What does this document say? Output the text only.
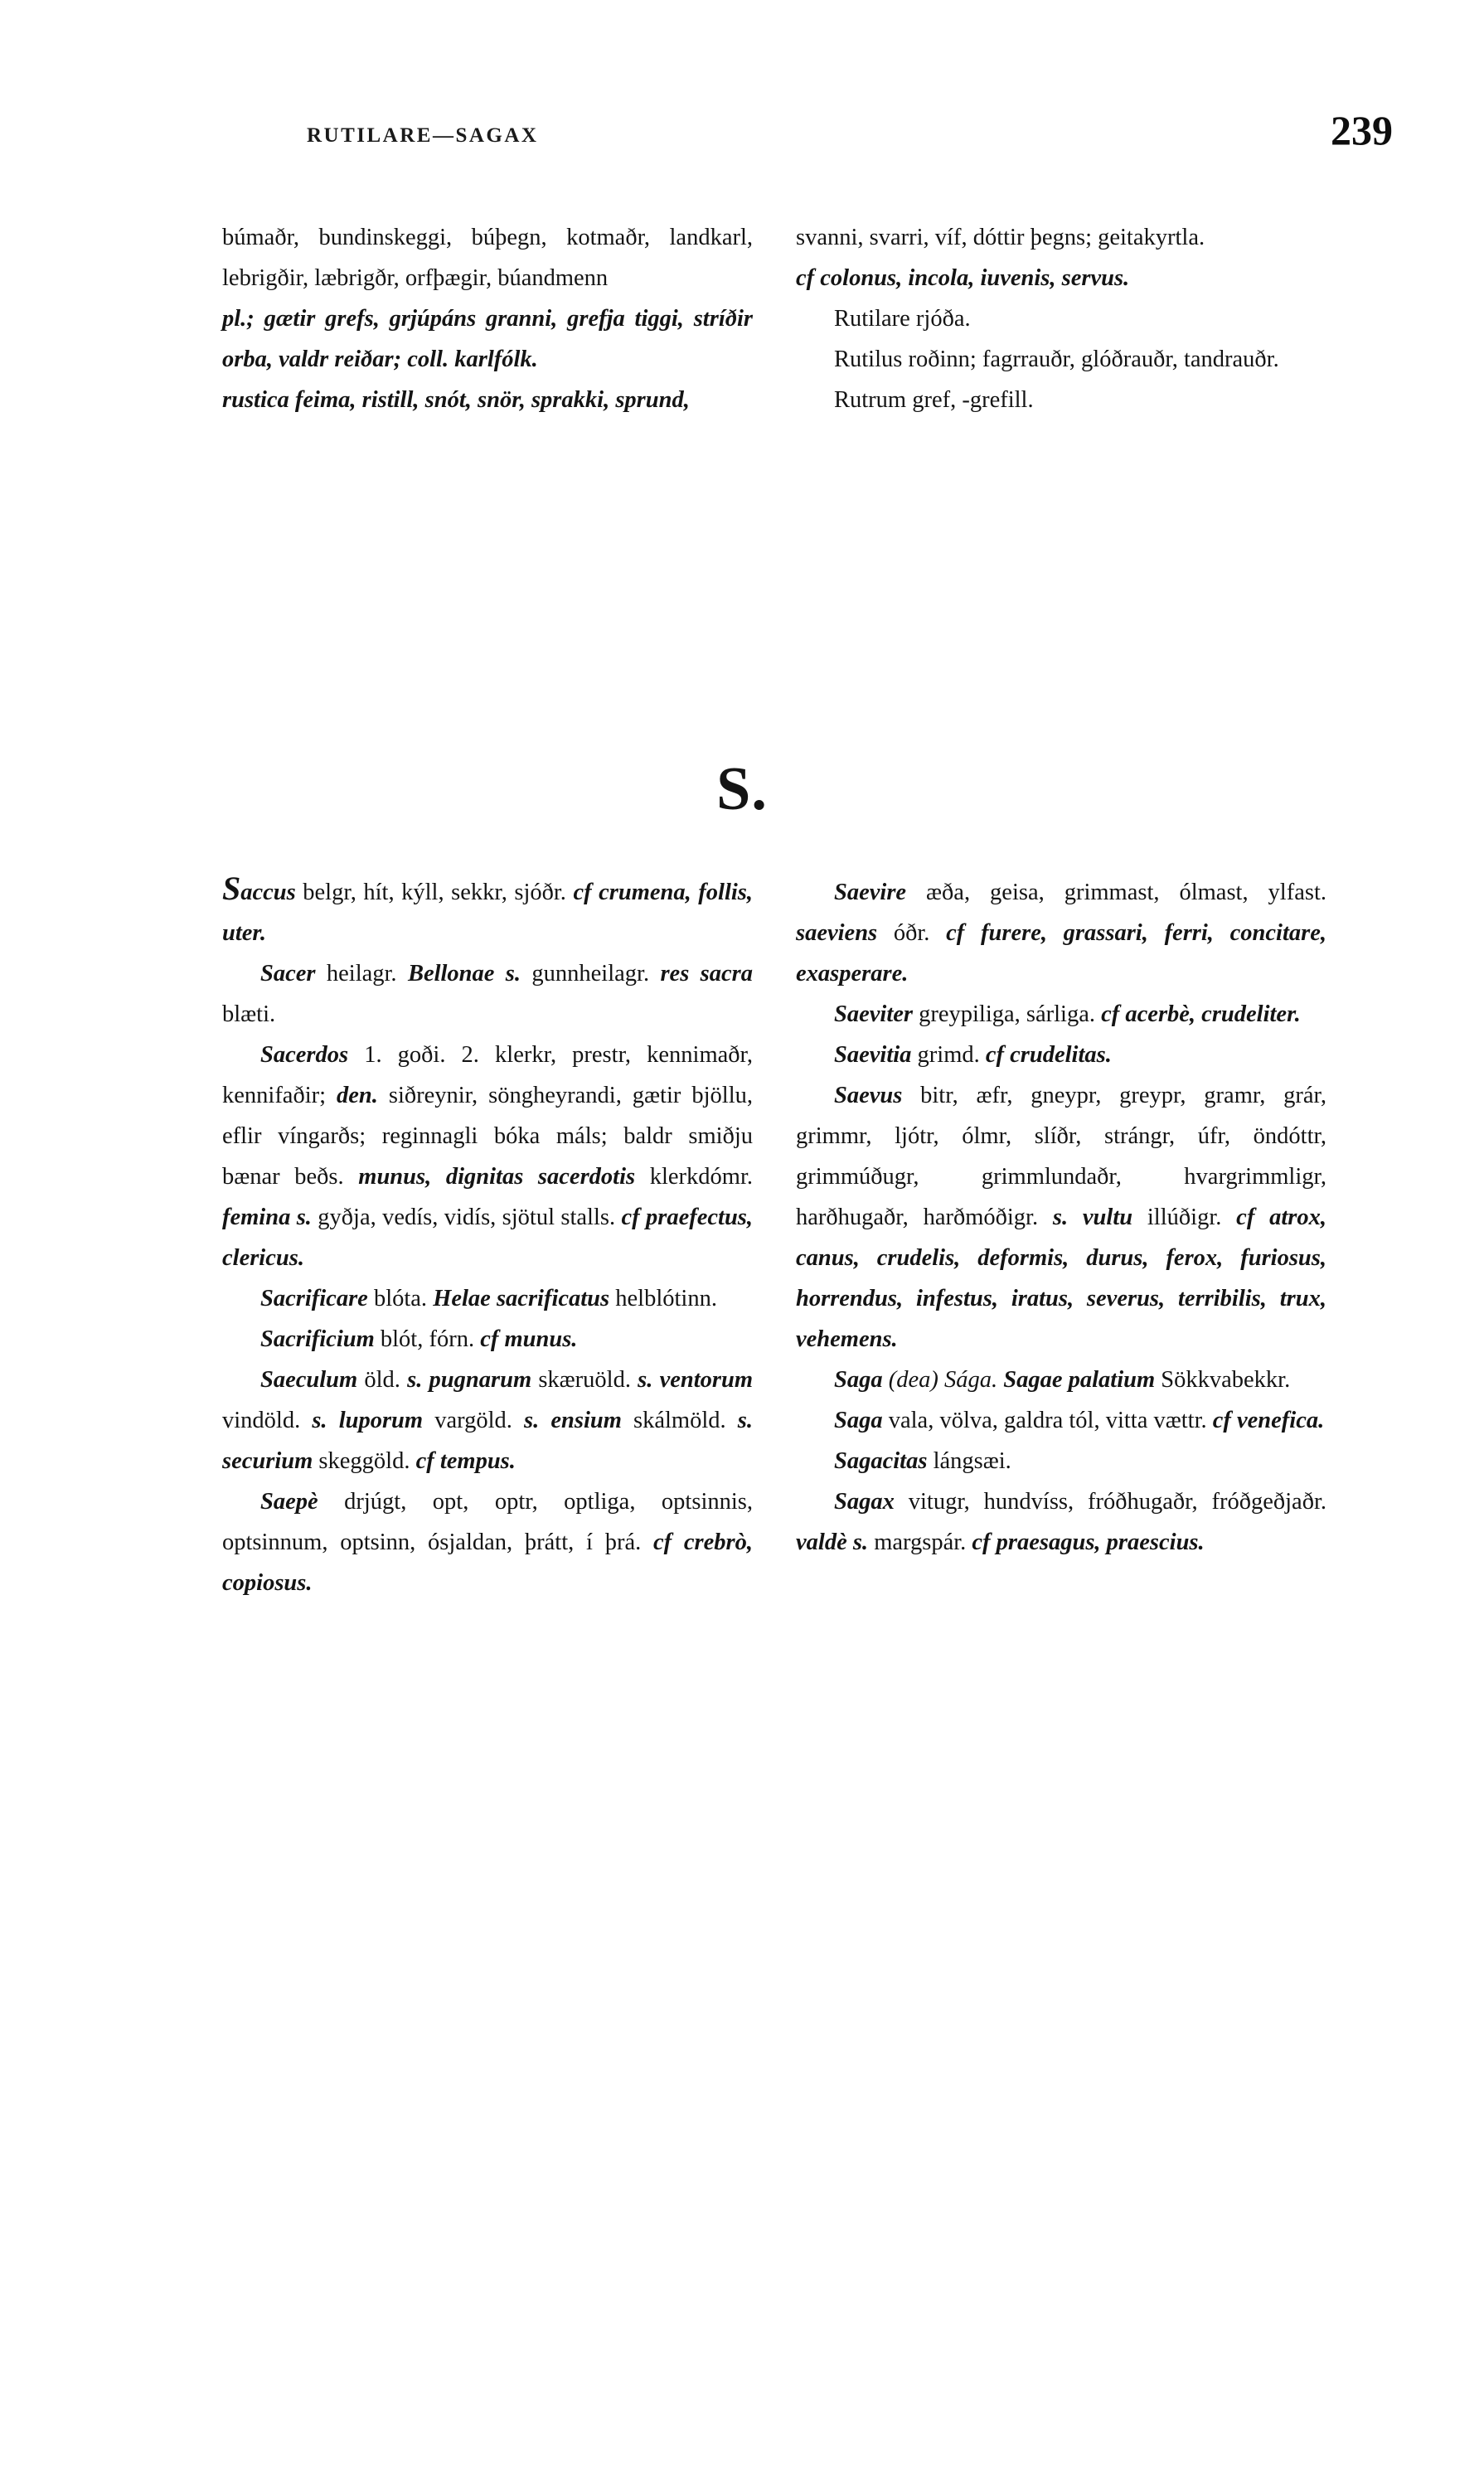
RUTILARE—SAGAX	239

búmaðr, bundinskeggi, búþegn, kotmaðr, landkarl, lebrigðir, læbrigðr, orfþægir, búandmenn

pl.; gætir grefs, grjúpáns granni, grefja tiggi, stríðir orba, valdr reiðar; coll. karlfólk.

rustica feima, ristill, snót, snör, sprakki, sprund,

svanni, svarri, víf, dóttir þegns; geitakyrtla.

cf colonus, incola, iuvenis, servus.

Rutilare rjóða.

Rutilus roðinn; fagrrauðr, glóðrauðr, tandrauðr.

Rutrum gref, -grefill.

S.

Saccus belgr, hít, kýll, sekkr, sjóðr. cf crumena, follis, uter.

Sacer heilagr. Bellonae s. gunnheilagr. res sacra blæti.

Sacerdos 1. goði. 2. klerkr, prestr, kennimaðr, kennifaðir; den. siðreynir, söngheyrandi, gætir bjöllu, eflir víngarðs; reginnagli bóka máls; baldr smiðju bænar beðs. munus, dignitas sacerdotis klerkdómr. femina s. gyðja, vedís, vidís, sjötul stalls. cf praefectus, clericus.

Sacrificare blóta. Helae sacrificatus helblótinn.

Sacrificium blót, fórn. cf munus.

Saeculum öld. s. pugnarum skæruöld. s. ventorum vindöld. s. luporum vargöld. s. ensium skálmöld. s. securium skeggöld. cf tempus.

Saepè drjúgt, opt, optr, optliga, optsinnis, optsinnum, optsinn, ósjaldan, þrátt, í þrá. cf crebrò, copiosus.

Saevire æða, geisa, grimmast, ólmast, ylfast. saeviens óðr. cf furere, grassari, ferri, concitare, exasperare.

Saeviter greypiliga, sárliga. cf acerbè, crudeliter.

Saevitia grimd. cf crudelitas.

Saevus bitr, æfr, gneypr, greypr, gramr, grár, grimmr, ljótr, ólmr, slíðr, strángr, úfr, öndóttr, grimmúðugr, grimmlundaðr, hvargrimmligr, harðhugaðr, harðmóðigr. s. vultu illúðigr. cf atrox, canus, crudelis, deformis, durus, ferox, furiosus, horrendus, infestus, iratus, severus, terribilis, trux, vehemens.

Saga (dea) Sága. Sagae palatium Sökkvabekkr.

Saga vala, völva, galdra tól, vitta vættr. cf venefica.

Sagacitas lángsæi.

Sagax vitugr, hundvíss, fróðhugaðr, fróðgeðjaðr. valdè s. margspár. cf praesagus, praescius.
